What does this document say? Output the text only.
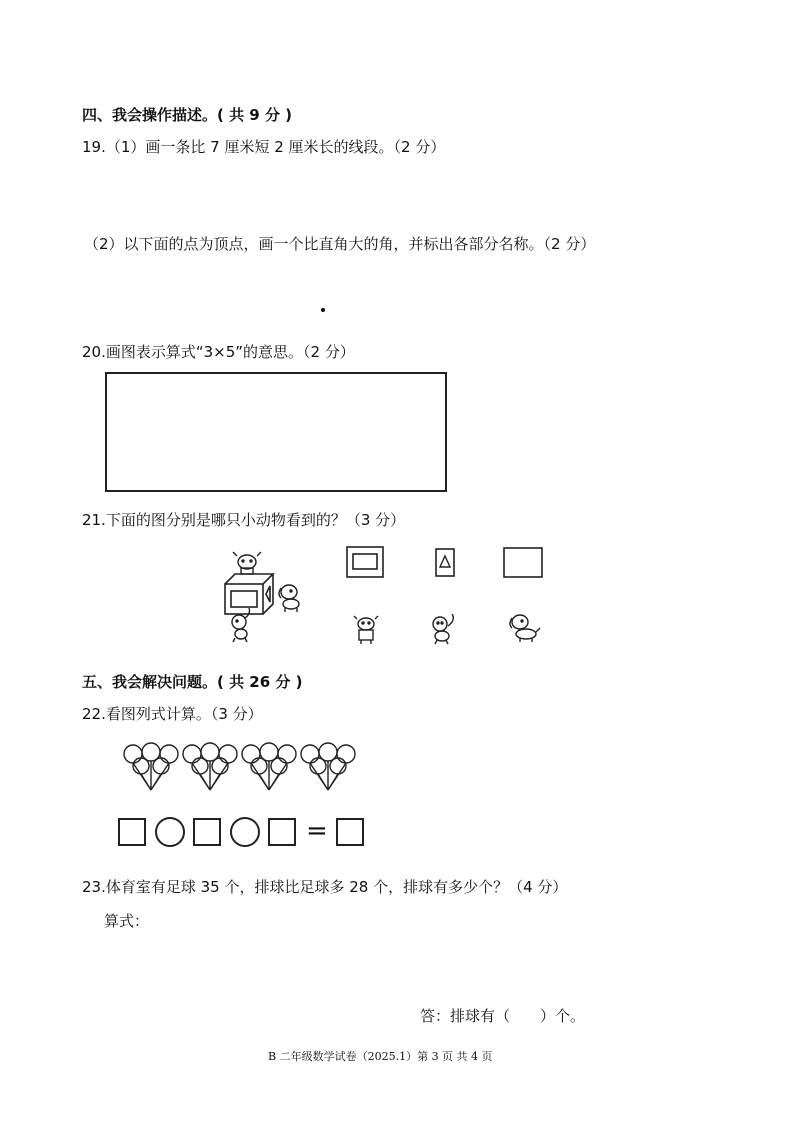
四、我会操作描述。( 共 9 分 )
19.（1）画一条比 7 厘米短 2 厘米长的线段。（2 分）
（2）以下面的点为顶点，画一个比直角大的角，并标出各部分名称。（2 分）
20.画图表示算式“3×5”的意思。（2 分）
21.下面的图分别是哪只小动物看到的？（3 分）
五、我会解决问题。( 共 26 分 )
22.看图列式计算。（3 分）
=
23.体育室有足球 35 个，排球比足球多 28 个，排球有多少个？（4 分）
算式：
答：排球有（　　）个。
B 二年级数学试卷（2025.1）第 3 页 共 4 页
